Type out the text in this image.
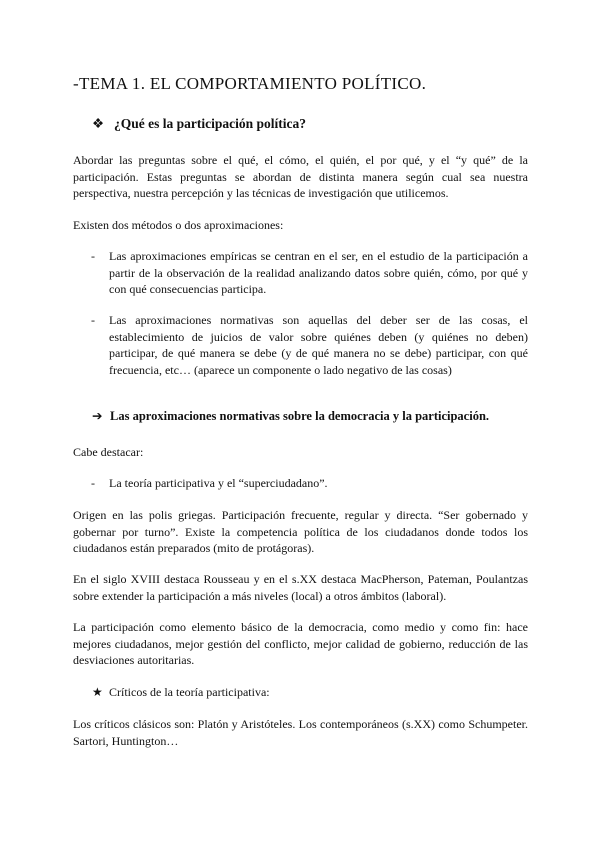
-TEMA 1. EL COMPORTAMIENTO POLÍTICO.
❖ ¿Qué es la participación política?
Abordar las preguntas sobre el qué, el cómo, el quién, el por qué, y el “y qué” de la participación. Estas preguntas se abordan de distinta manera según cual sea nuestra perspectiva, nuestra percepción y las técnicas de investigación que utilicemos.
Existen dos métodos o dos aproximaciones:
- Las aproximaciones empíricas se centran en el ser, en el estudio de la participación a partir de la observación de la realidad analizando datos sobre quién, cómo, por qué y con qué consecuencias participa.
- Las aproximaciones normativas son aquellas del deber ser de las cosas, el establecimiento de juicios de valor sobre quiénes deben (y quiénes no deben) participar, de qué manera se debe (y de qué manera no se debe) participar, con qué frecuencia, etc… (aparece un componente o lado negativo de las cosas)
➔ Las aproximaciones normativas sobre la democracia y la participación.
Cabe destacar:
- La teoría participativa y el “superciudadano”.
Origen en las polis griegas. Participación frecuente, regular y directa. “Ser gobernado y gobernar por turno”. Existe la competencia política de los ciudadanos donde todos los ciudadanos están preparados (mito de protágoras).
En el siglo XVIII destaca Rousseau y en el s.XX destaca MacPherson, Pateman, Poulantzas sobre extender la participación a más niveles (local) a otros ámbitos (laboral).
La participación como elemento básico de la democracia, como medio y como fin: hace mejores ciudadanos, mejor gestión del conflicto, mejor calidad de gobierno, reducción de las desviaciones autoritarias.
★ Críticos de la teoría participativa:
Los críticos clásicos son: Platón y Aristóteles. Los contemporáneos (s.XX) como Schumpeter. Sartori, Huntington…
